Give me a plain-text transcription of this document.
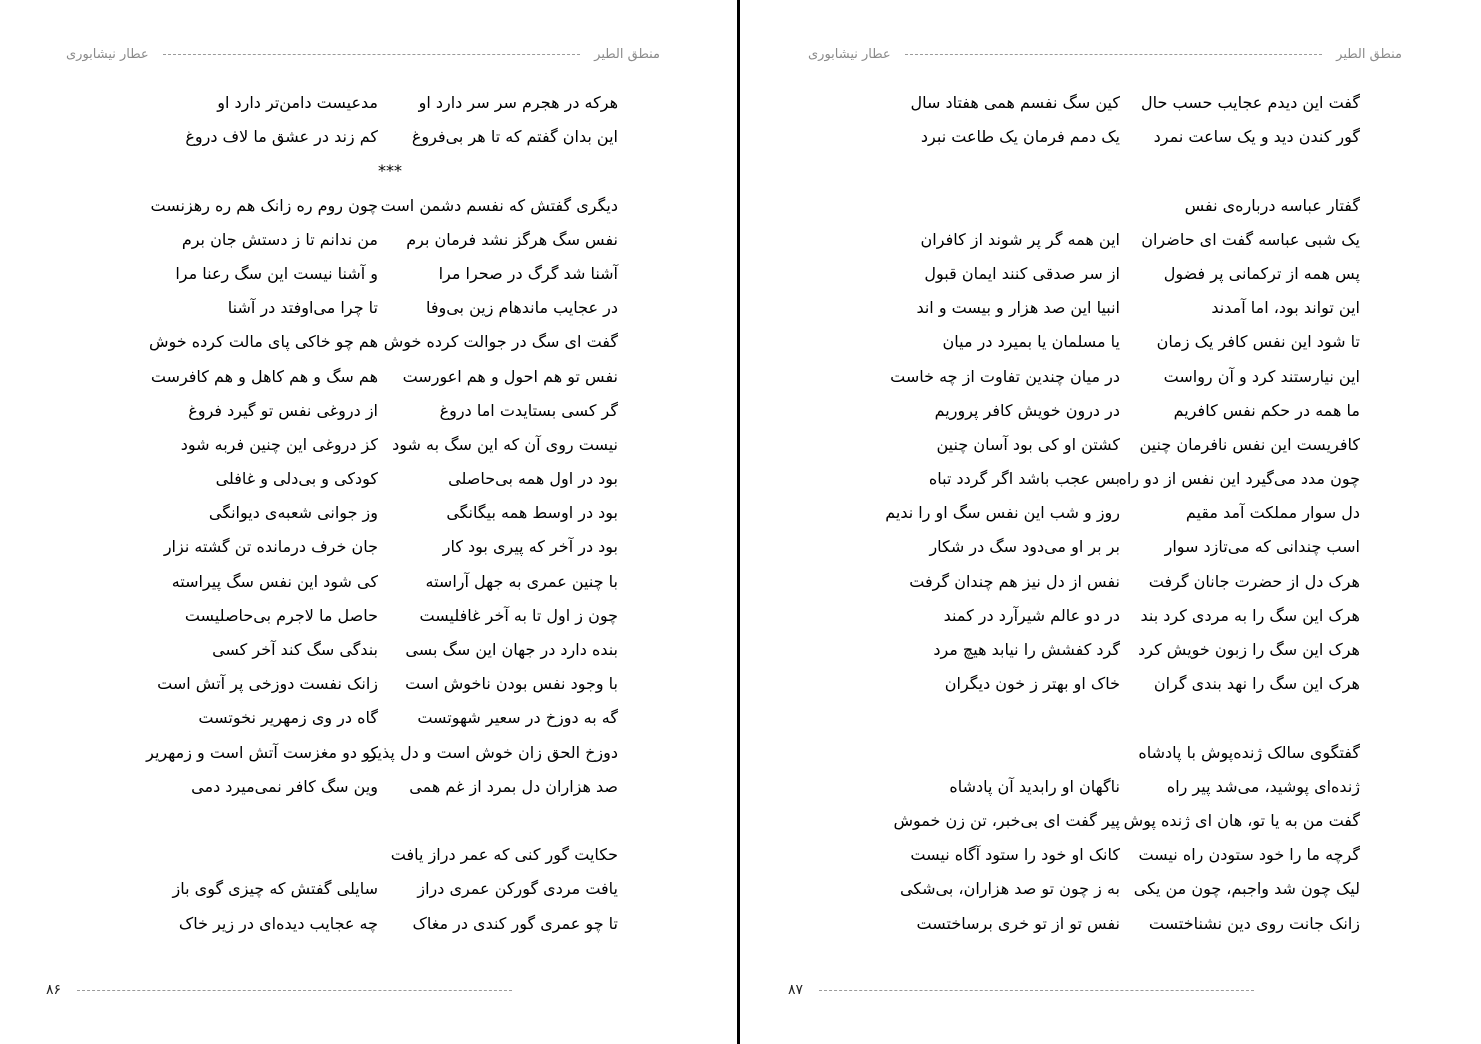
عطار نیشابوری	منطق الطیر
هرکه در هجرم سر سر دارد او
مدعیست دامن‌تر دارد او
این بدان گفتم که تا هر بی‌فروغ
کم زند در عشق ما لاف دروغ
***
دیگری گفتش که نفسم دشمن است
چون روم ره زانک هم ره رهزنست
نفس سگ هرگز نشد فرمان برم
من ندانم تا ز دستش جان برم
آشنا شد گرگ در صحرا مرا
و آشنا نیست این سگ رعنا مرا
در عجایب ماندهام زین بی‌وفا
تا چرا می‌اوفتد در آشنا
گفت ای سگ در جوالت کرده خوش
هم چو خاکی پای مالت کرده خوش
نفس تو هم احول و هم اعورست
هم سگ و هم کاهل و هم کافرست
گر کسی بستایدت اما دروغ
از دروغی نفس تو گیرد فروغ
نیست روی آن که این سگ به شود
کز دروغی این چنین فربه شود
بود در اول همه بی‌حاصلی
کودکی و بی‌دلی و غافلی
بود در اوسط همه بیگانگی
وز جوانی شعبه‌ی دیوانگی
بود در آخر که پیری بود کار
جان خرف درمانده تن گشته نزار
با چنین عمری به جهل آراسته
کی شود این نفس سگ پیراسته
چون ز اول تا به آخر غافلیست
حاصل ما لاجرم بی‌حاصلیست
بنده دارد در جهان این سگ بسی
بندگی سگ کند آخر کسی
با وجود نفس بودن ناخوش است
زانک نفست دوزخی پر آتش است
گه به دوزخ در سعیر شهوتست
گاه در وی زمهریر نخوتست
دوزخ الحق زان خوش است و دل پذیر
کو دو مغزست آتش است و زمهریر
صد هزاران دل بمرد از غم همی
وین سگ کافر نمی‌میرد دمی
حکایت گور کنی که عمر دراز یافت
یافت مردی گورکن عمری دراز
سایلی گفتش که چیزی گوی باز
تا چو عمری گور کندی در مغاک
چه عجایب دیده‌ای در زیر خاک
۸۶
عطار نیشابوری	منطق الطیر
گفت این دیدم عجایب حسب حال
کین سگ نفسم همی هفتاد سال
گور کندن دید و یک ساعت نمرد
یک دمم فرمان یک طاعت نبرد
گفتار عباسه دربار‌ه‌ی نفس
یک شبی عباسه گفت ای حاضران
این همه گر پر شوند از کافران
پس همه از ترکمانی پر فضول
از سر صدقی کنند ایمان قبول
این تواند بود، اما آمدند
انبیا این صد هزار و بیست و اند
تا شود این نفس کافر یک زمان
یا مسلمان یا بمیرد در میان
این نیارستند کرد و آن رواست
در میان چندین تفاوت از چه خاست
ما همه در حکم نفس کافریم
در درون خویش کافر پروریم
کافریست این نفس نافرمان چنین
کشتن او کی بود آسان چنین
چون مدد می‌گیرد این نفس از دو راه
بس عجب باشد اگر گردد تباه
دل سوار مملکت آمد مقیم
روز و شب این نفس سگ او را ندیم
اسب چندانی که می‌تازد سوار
بر بر او می‌دود سگ در شکار
هرک دل از حضرت جانان گرفت
نفس از دل نیز هم چندان گرفت
هرک این سگ را به مردی کرد بند
در دو عالم شیرآرد در کمند
هرک این سگ را زبون خویش کرد
گرد کفشش را نیابد هیچ مرد
هرک این سگ را نهد بندی گران
خاک او بهتر ز خون دیگران
گفتگوی سالک ژنده‌پوش با پادشاه
ژنده‌ای پوشید، می‌شد پیر راه
ناگهان او رابدید آن پادشاه
گفت من به یا تو، هان ای ژنده پوش
پیر گفت ای بی‌خبر، تن زن خموش
گرچه ما را خود ستودن راه نیست
کانک او خود را ستود آگاه نیست
لیک چون شد واجبم، چون من یکی
به ز چون تو صد هزاران، بی‌شکی
زانک جانت روی دین نشناختست
نفس تو از تو خری برساختست
۸۷
